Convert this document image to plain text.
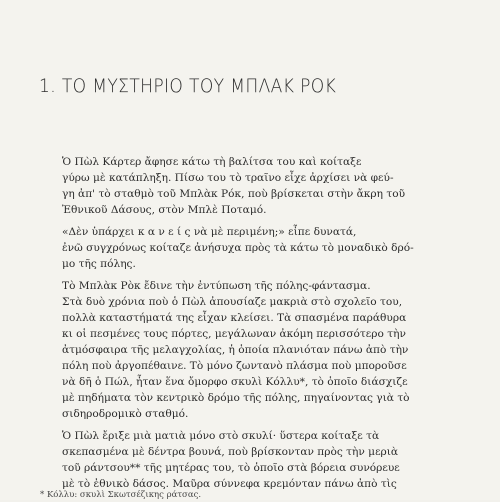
1. ΤΟ ΜΥΣΤΗΡΙΟ ΤΟΥ ΜΠΛΑΚ ΡΟΚ

Ὁ Πὼλ Κάρτερ ἄφησε κάτω τὴ βαλίτσα του καὶ κοίταξε
γύρω μὲ κατάπληξη. Πίσω του τὸ τραῖνο εἶχε ἀρχίσει νὰ φεύ-
γη ἀπ' τὸ σταθμὸ τοῦ Μπλὰκ Ρόκ, ποὺ βρίσκεται στὴν ἄκρη τοῦ
Ἐθνικοῦ Δάσους, στὸν Μπλὲ Ποταμό.

«Δὲν ὑπάρχει κ α ν ε ί ς νὰ μὲ περιμένη;» εἶπε δυνατά,
ἐνῶ συγχρόνως κοίταζε ἀνήσυχα πρὸς τὰ κάτω τὸ μοναδικὸ δρό-
μο τῆς πόλης.

Τὸ Μπλὰκ Ρὸκ ἔδινε τὴν ἐντύπωση τῆς πόλης-φάντασμα.
Στὰ δυὸ χρόνια ποὺ ὁ Πὼλ ἀπουσίαζε μακριὰ στὸ σχολεῖο του,
πολλὰ καταστήματά της εἶχαν κλείσει. Τὰ σπασμένα παράθυρα
κι οἱ πεσμένες τους πόρτες, μεγάλωναν ἀκόμη περισσότερο τὴν
ἀτμόσφαιρα τῆς μελαγχολίας, ἡ ὁποία πλανιόταν πάνω ἀπὸ τὴν
πόλη ποὺ ἀργοπέθαινε. Τὸ μόνο ζωντανὸ πλάσμα ποὺ μποροῦσε
νὰ δῆ ὁ Πώλ, ἦταν ἕνα ὄμορφο σκυλὶ Κόλλυ*, τὸ ὁποῖο διάσχιζε
μὲ πηδήματα τὸν κεντρικὸ δρόμο τῆς πόλης, πηγαίνοντας γιὰ τὸ
σιδηροδρομικὸ σταθμό.

Ὁ Πὼλ ἔριξε μιὰ ματιὰ μόνο στὸ σκυλί· ὕστερα κοίταξε τὰ
σκεπασμένα μὲ δέντρα βουνά, ποὺ βρίσκονταν πρὸς τὴν μεριὰ
τοῦ ράντσου** τῆς μητέρας του, τὸ ὁποῖο στὰ βόρεια συνόρευε
μὲ τὸ ἐθνικὸ δάσος. Μαῦρα σύννεφα κρεμόνταν πάνω ἀπὸ τὶς

* Κόλλυ: σκυλὶ Σκωτσέζικης ράτσας.
